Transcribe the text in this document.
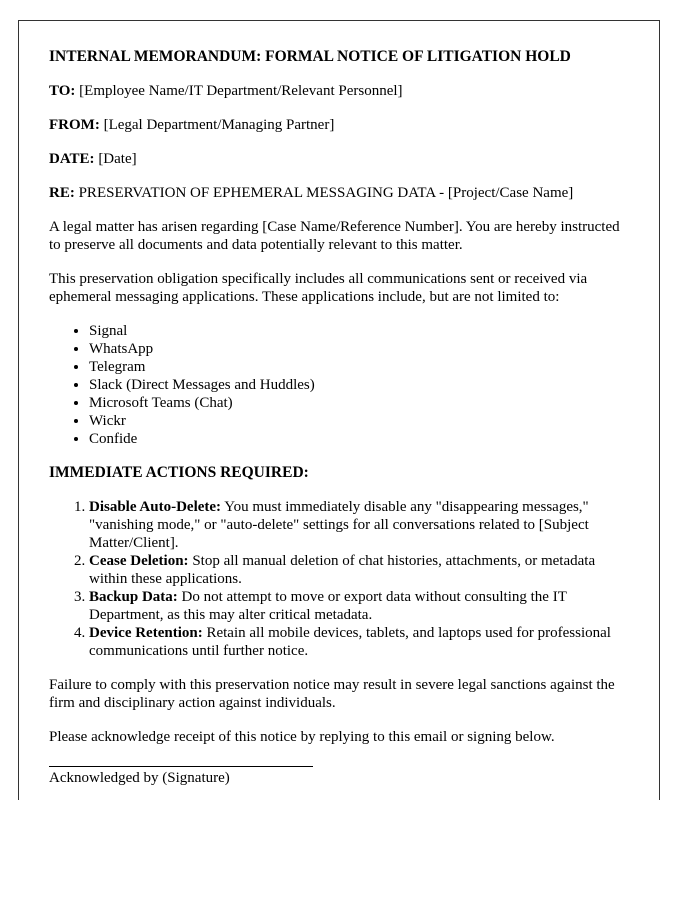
INTERNAL MEMORANDUM: FORMAL NOTICE OF LITIGATION HOLD
TO: [Employee Name/IT Department/Relevant Personnel]
FROM: [Legal Department/Managing Partner]
DATE: [Date]
RE: PRESERVATION OF EPHEMERAL MESSAGING DATA - [Project/Case Name]

A legal matter has arisen regarding [Case Name/Reference Number]. You are hereby instructed to preserve all documents and data potentially relevant to this matter.

This preservation obligation specifically includes all communications sent or received via ephemeral messaging applications. These applications include, but are not limited to:

• Signal
• WhatsApp
• Telegram
• Slack (Direct Messages and Huddles)
• Microsoft Teams (Chat)
• Wickr
• Confide
IMMEDIATE ACTIONS REQUIRED:
1. Disable Auto-Delete: You must immediately disable any "disappearing messages," "vanishing mode," or "auto-delete" settings for all conversations related to [Subject Matter/Client].
2. Cease Deletion: Stop all manual deletion of chat histories, attachments, or metadata within these applications.
3. Backup Data: Do not attempt to move or export data without consulting the IT Department, as this may alter critical metadata.
4. Device Retention: Retain all mobile devices, tablets, and laptops used for professional communications until further notice.

Failure to comply with this preservation notice may result in severe legal sanctions against the firm and disciplinary action against individuals.

Please acknowledge receipt of this notice by replying to this email or signing below.

Acknowledged by (Signature)
